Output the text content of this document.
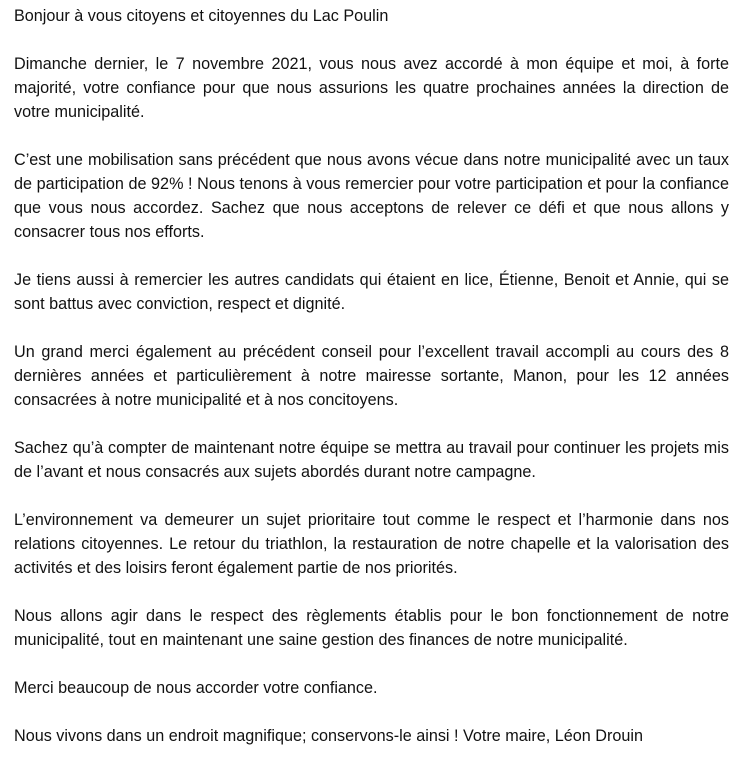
Bonjour à vous citoyens et citoyennes du Lac Poulin

Dimanche dernier, le 7 novembre 2021, vous nous avez accordé à mon équipe et moi, à forte majorité, votre confiance pour que nous assurions les quatre prochaines années la direction de votre municipalité.

C’est une mobilisation sans précédent que nous avons vécue dans notre municipalité avec un taux de participation de 92% ! Nous tenons à vous remercier pour votre participation et pour la confiance que vous nous accordez. Sachez que nous acceptons de relever ce défi et que nous allons y consacrer tous nos efforts.

Je tiens aussi à remercier les autres candidats qui étaient en lice, Étienne, Benoit et Annie, qui se sont battus avec conviction, respect et dignité.

Un grand merci également au précédent conseil pour l’excellent travail accompli au cours des 8 dernières années et particulièrement à notre mairesse sortante, Manon, pour les 12 années consacrées à notre municipalité et à nos concitoyens.

Sachez qu’à compter de maintenant notre équipe se mettra au travail pour continuer les projets mis de l’avant et nous consacrés aux sujets abordés durant notre campagne.

L’environnement va demeurer un sujet prioritaire tout comme le respect et l’harmonie dans nos relations citoyennes. Le retour du triathlon, la restauration de notre chapelle et la valorisation des activités et des loisirs feront également partie de nos priorités.

Nous allons agir dans le respect des règlements établis pour le bon fonctionnement de notre municipalité, tout en maintenant une saine gestion des finances de notre municipalité.

Merci beaucoup de nous accorder votre confiance.

Nous vivons dans un endroit magnifique; conservons-le ainsi ! Votre maire, Léon Drouin
